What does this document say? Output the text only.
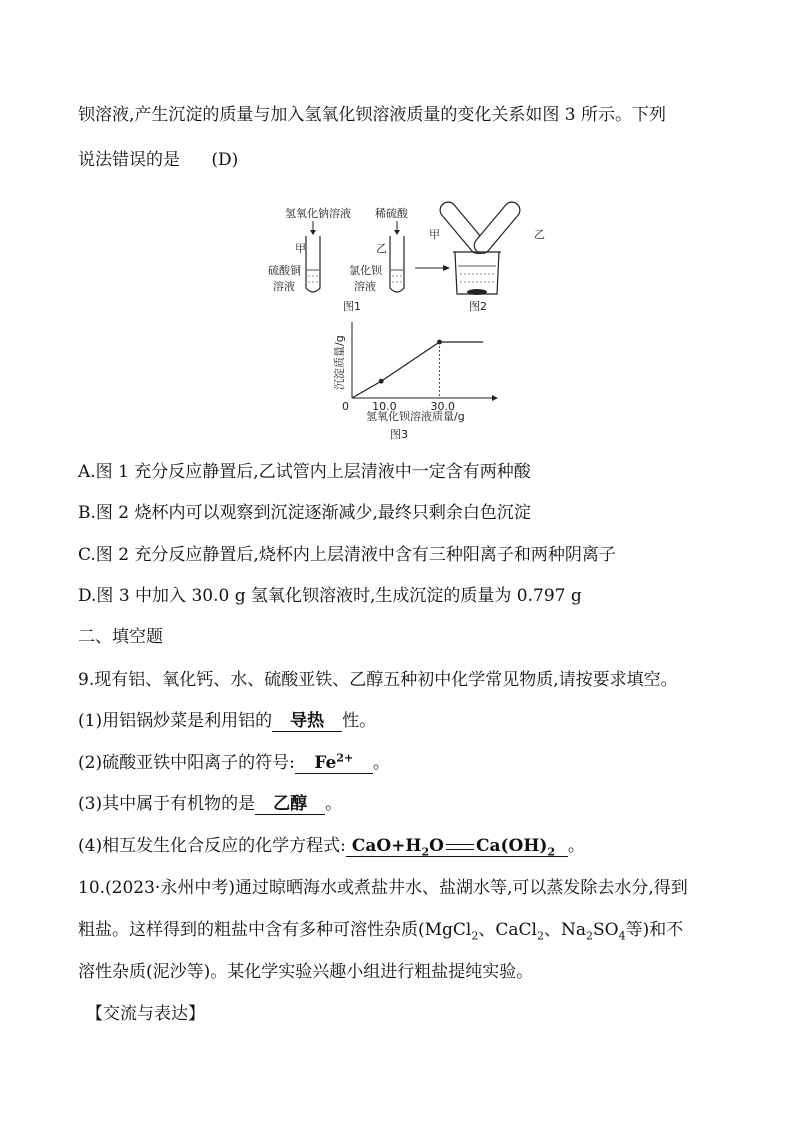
钡溶液,产生沉淀的质量与加入氢氧化钡溶液质量的变化关系如图 3 所示。下列
说法错误的是 (D)
氢氧化钠溶液
甲
硫酸铜
溶液
稀硫酸
乙
氯化钡
溶液
图1
甲	乙
图2
0 10.0	30.0
沉淀质量/g
氢氧化钡溶液质量/g
图3
A.图 1 充分反应静置后,乙试管内上层清液中一定含有两种酸
B.图 2 烧杯内可以观察到沉淀逐渐减少,最终只剩余白色沉淀
C.图 2 充分反应静置后,烧杯内上层清液中含有三种阳离子和两种阴离子
D.图 3 中加入 30.0 g 氢氧化钡溶液时,生成沉淀的质量为 0.797 g
二、填空题
9.现有铝、氧化钙、水、硫酸亚铁、乙醇五种初中化学常见物质,请按要求填空。
(1)用铝锅炒菜是利用铝的 导热 性。
(2)硫酸亚铁中阳离子的符号: $Fe^{2+}$ 。
(3)其中属于有机物的是 乙醇 。
(4)相互发生化合反应的化学方程式: $CaO+H_2O$ $Ca(OH)_2$ 。
10.(2023·永州中考)通过晾晒海水或煮盐井水、盐湖水等,可以蒸发除去水分,得到
粗盐。这样得到的粗盐中含有多种可溶性杂质(MgCl$_2$、CaCl$_2$、$Na_2SO_4$等)和不
溶性杂质(泥沙等)。某化学实验兴趣小组进行粗盐提纯实验。
【交流与表达】
